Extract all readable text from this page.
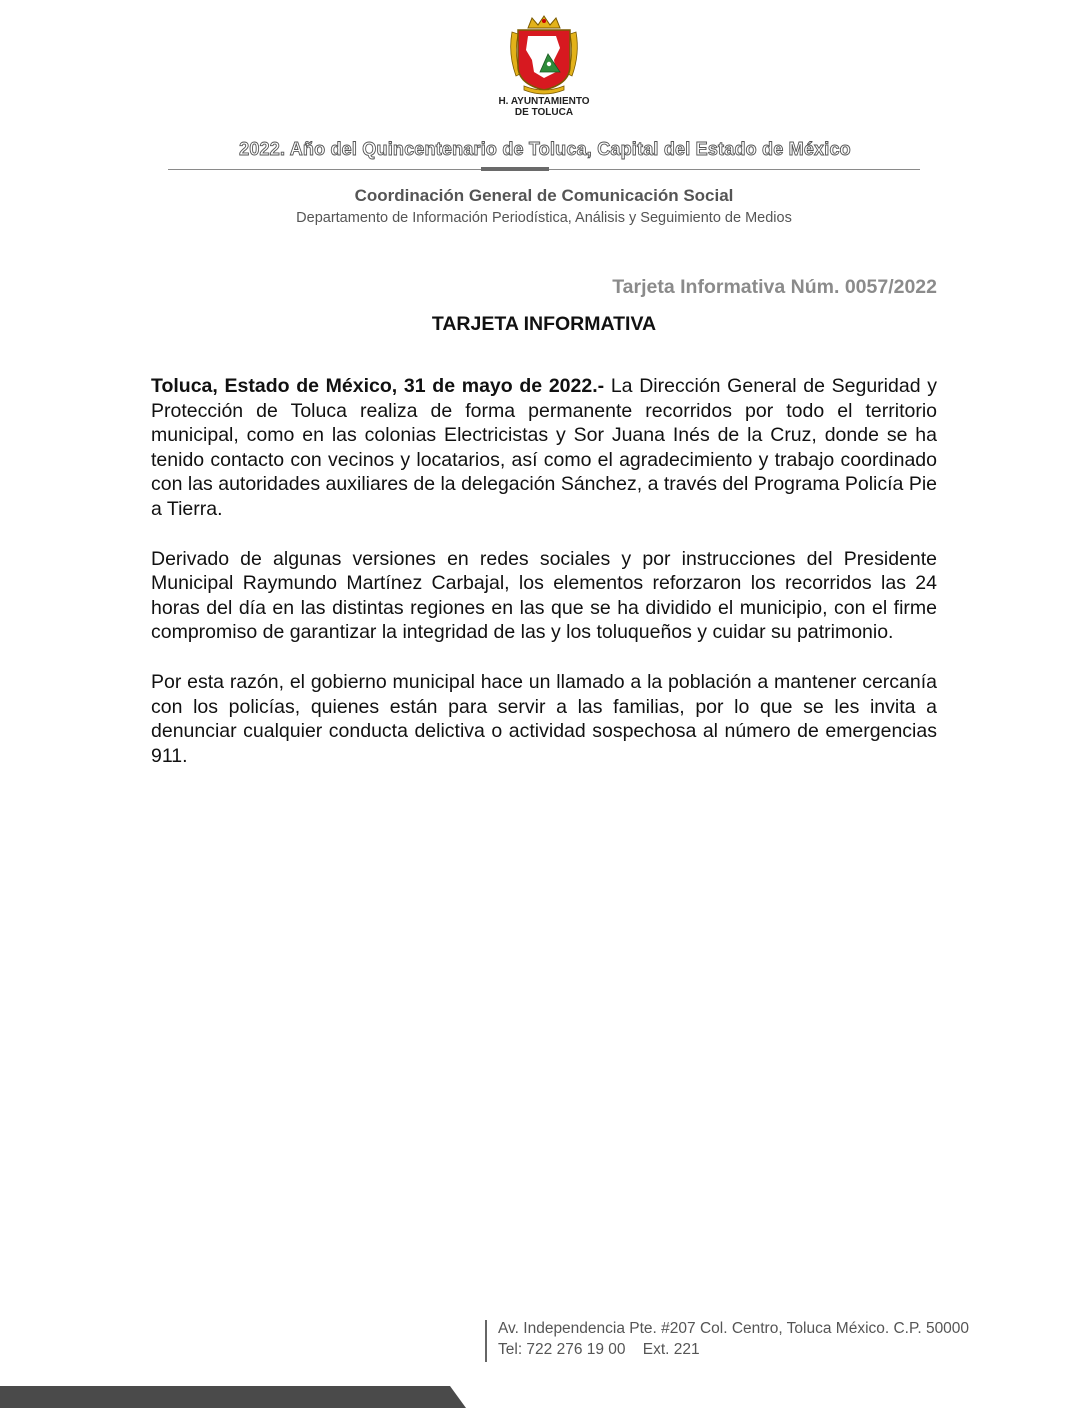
H. AYUNTAMIENTO
DE TOLUCA
2022. Año del Quincentenario de Toluca, Capital del Estado de México
Coordinación General de Comunicación Social
Departamento de Información Periodística, Análisis y Seguimiento de Medios
Tarjeta Informativa Núm. 0057/2022
TARJETA INFORMATIVA

Toluca, Estado de México, 31 de mayo de 2022.- La Dirección General de Seguridad y Protección de Toluca realiza de forma permanente recorridos por todo el territorio municipal, como en las colonias Electricistas y Sor Juana Inés de la Cruz, donde se ha tenido contacto con vecinos y locatarios, así como el agradecimiento y trabajo coordinado con las autoridades auxiliares de la delegación Sánchez, a través del Programa Policía Pie a Tierra.

Derivado de algunas versiones en redes sociales y por instrucciones del Presidente Municipal Raymundo Martínez Carbajal, los elementos reforzaron los recorridos las 24 horas del día en las distintas regiones en las que se ha dividido el municipio, con el firme compromiso de garantizar la integridad de las y los toluqueños y cuidar su patrimonio.

Por esta razón, el gobierno municipal hace un llamado a la población a mantener cercanía con los policías, quienes están para servir a las familias, por lo que se les invita a denunciar cualquier conducta delictiva o actividad sospechosa al número de emergencias 911.

Av. Independencia Pte. #207 Col. Centro, Toluca México. C.P. 50000
Tel: 722 276 19 00    Ext. 221
